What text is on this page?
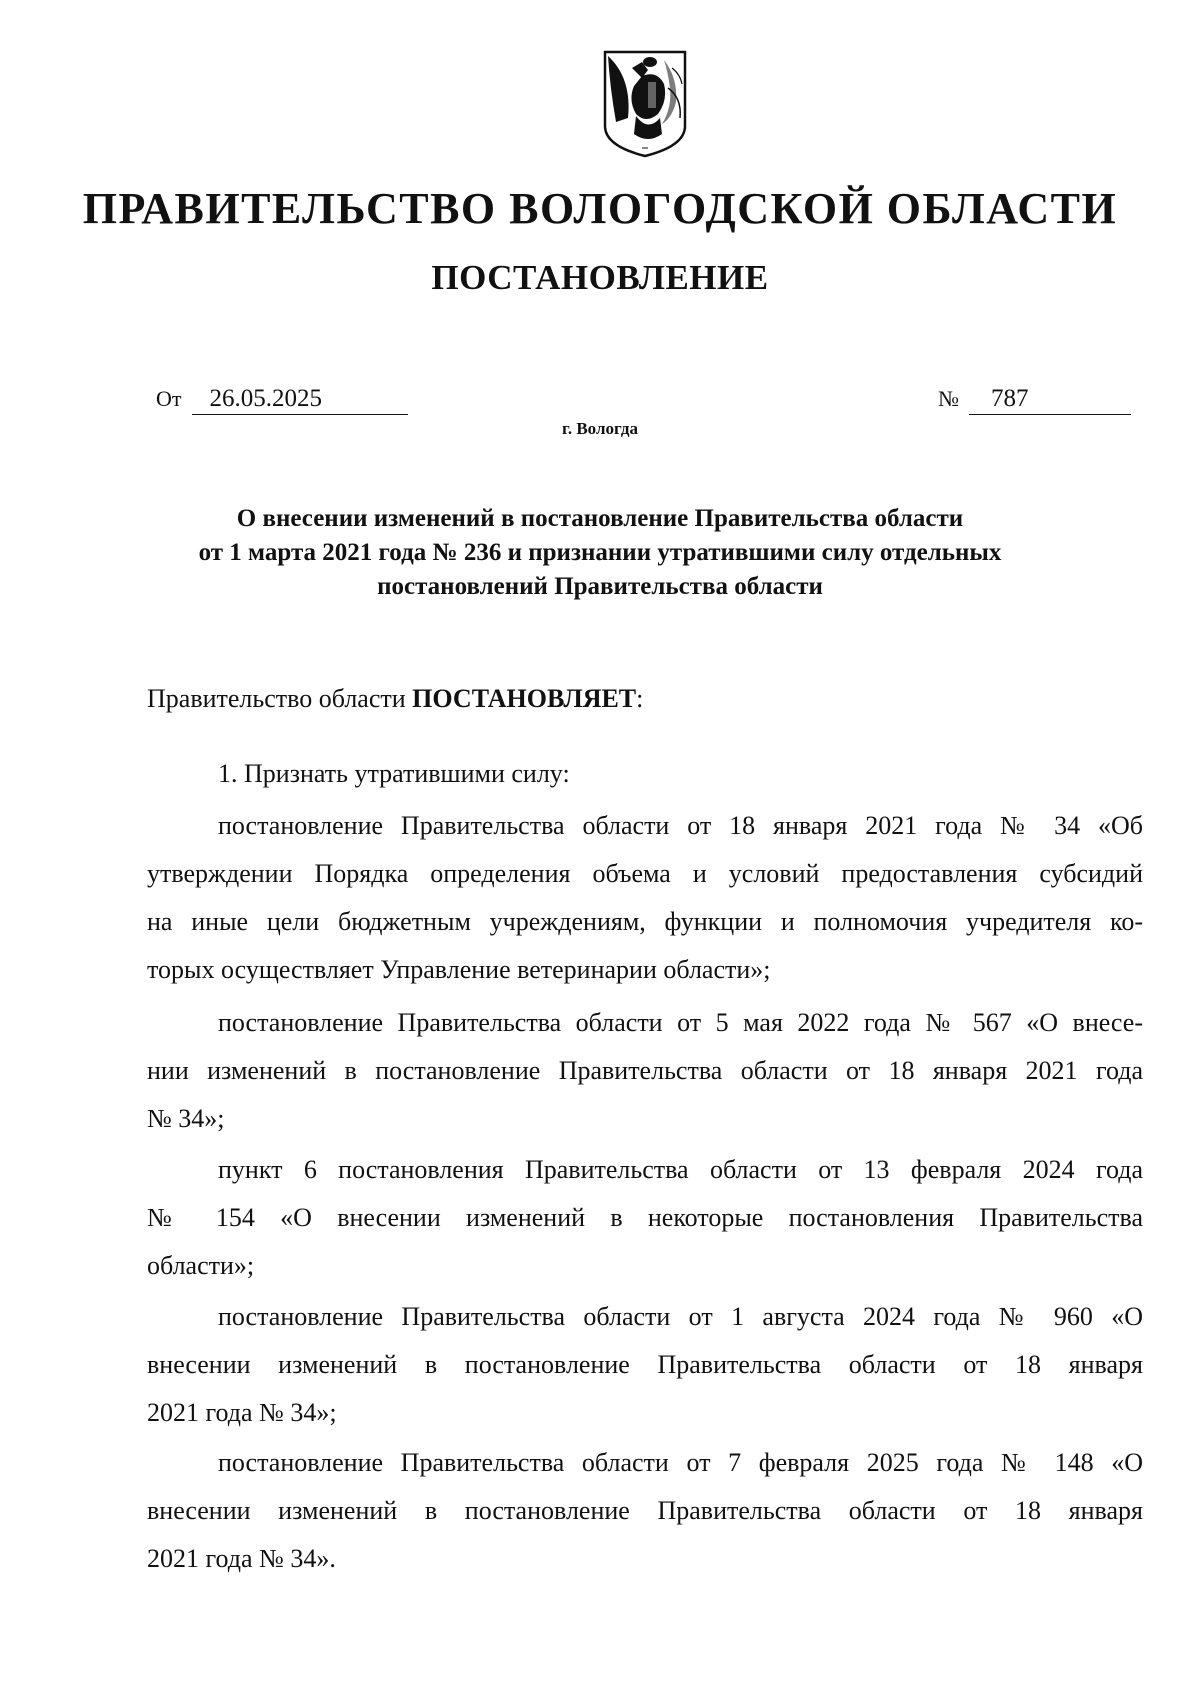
ПРАВИТЕЛЬСТВО ВОЛОГОДСКОЙ ОБЛАСТИ
ПОСТАНОВЛЕНИЕ
От 26.05.2025	№ 787
г. Вологда
О внесении изменений в постановление Правительства области
от 1 марта 2021 года № 236 и признании утратившими силу отдельных
постановлений Правительства области
Правительство области ПОСТАНОВЛЯЕТ:
1. Признать утратившими силу:
постановление Правительства области от 18 января 2021 года № 34 «Об
утверждении Порядка определения объема и условий предоставления субсидий
на иные цели бюджетным учреждениям, функции и полномочия учредителя ко-
торых осуществляет Управление ветеринарии области»;
постановление Правительства области от 5 мая 2022 года № 567 «О внесе-
нии изменений в постановление Правительства области от 18 января 2021 года
№ 34»;
пункт 6 постановления Правительства области от 13 февраля 2024 года
№ 154 «О внесении изменений в некоторые постановления Правительства
области»;
постановление Правительства области от 1 августа 2024 года № 960 «О
внесении изменений в постановление Правительства области от 18 января
2021 года № 34»;
постановление Правительства области от 7 февраля 2025 года № 148 «О
внесении изменений в постановление Правительства области от 18 января
2021 года № 34».
